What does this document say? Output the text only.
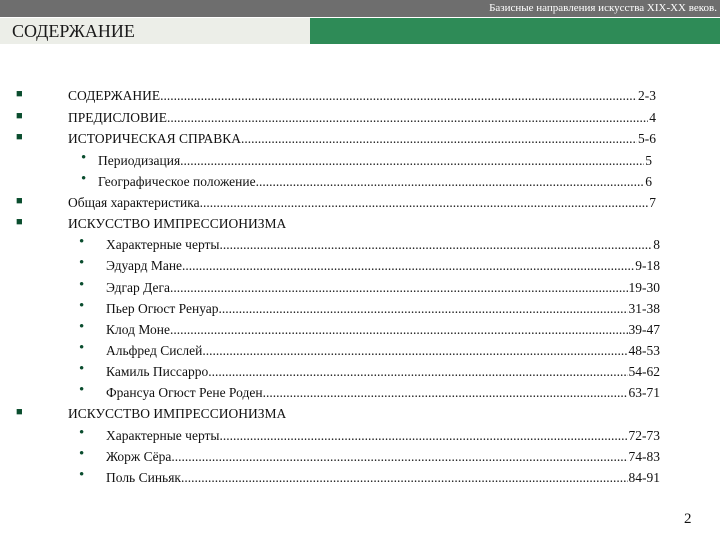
Базисные направления искусства XIX-XX веков.
СОДЕРЖАНИЕ
■	СОДЕРЖАНИЕ .....	2-3
■	ПРЕДИСЛОВИЕ .....	4
■	ИСТОРИЧЕСКАЯ СПРАВКА .....	5-6
• Периодизация .....	5
• Географическое положение .....	6
■	Общая характеристика .....	7
■	ИСКУССТВО ИМПРЕССИОНИЗМА
• Характерные черты .....	8
• Эдуард Мане .....	9-18
• Эдгар Дега .....	19-30
• Пьер Огюст Ренуар .....	31-38
• Клод Моне .....	39-47
• Альфред Сислей .....	48-53
• Камиль Писсарро .....	54-62
• Франсуа Огюст Рене Роден .....	63-71
■	ИСКУССТВО ИМПРЕССИОНИЗМА
• Характерные черты .....	72-73
• Жорж Сёра .....	74-83
• Поль Синьяк .....	84-91
2
